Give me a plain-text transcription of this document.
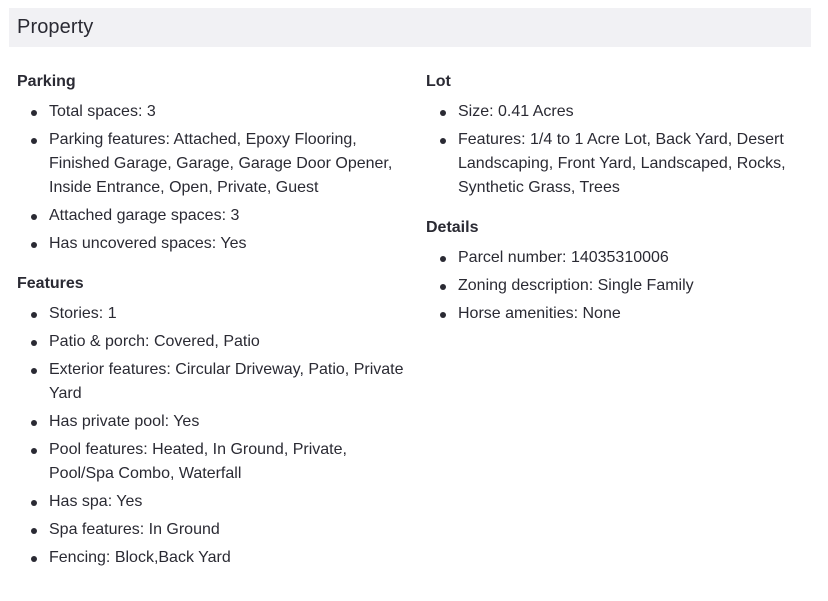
Property
Parking
Total spaces: 3
Parking features: Attached, Epoxy Flooring, Finished Garage, Garage, Garage Door Opener, Inside Entrance, Open, Private, Guest
Attached garage spaces: 3
Has uncovered spaces: Yes
Features
Stories: 1
Patio & porch: Covered, Patio
Exterior features: Circular Driveway, Patio, Private Yard
Has private pool: Yes
Pool features: Heated, In Ground, Private, Pool/Spa Combo, Waterfall
Has spa: Yes
Spa features: In Ground
Fencing: Block,Back Yard
Lot
Size: 0.41 Acres
Features: 1/4 to 1 Acre Lot, Back Yard, Desert Landscaping, Front Yard, Landscaped, Rocks, Synthetic Grass, Trees
Details
Parcel number: 14035310006
Zoning description: Single Family
Horse amenities: None
